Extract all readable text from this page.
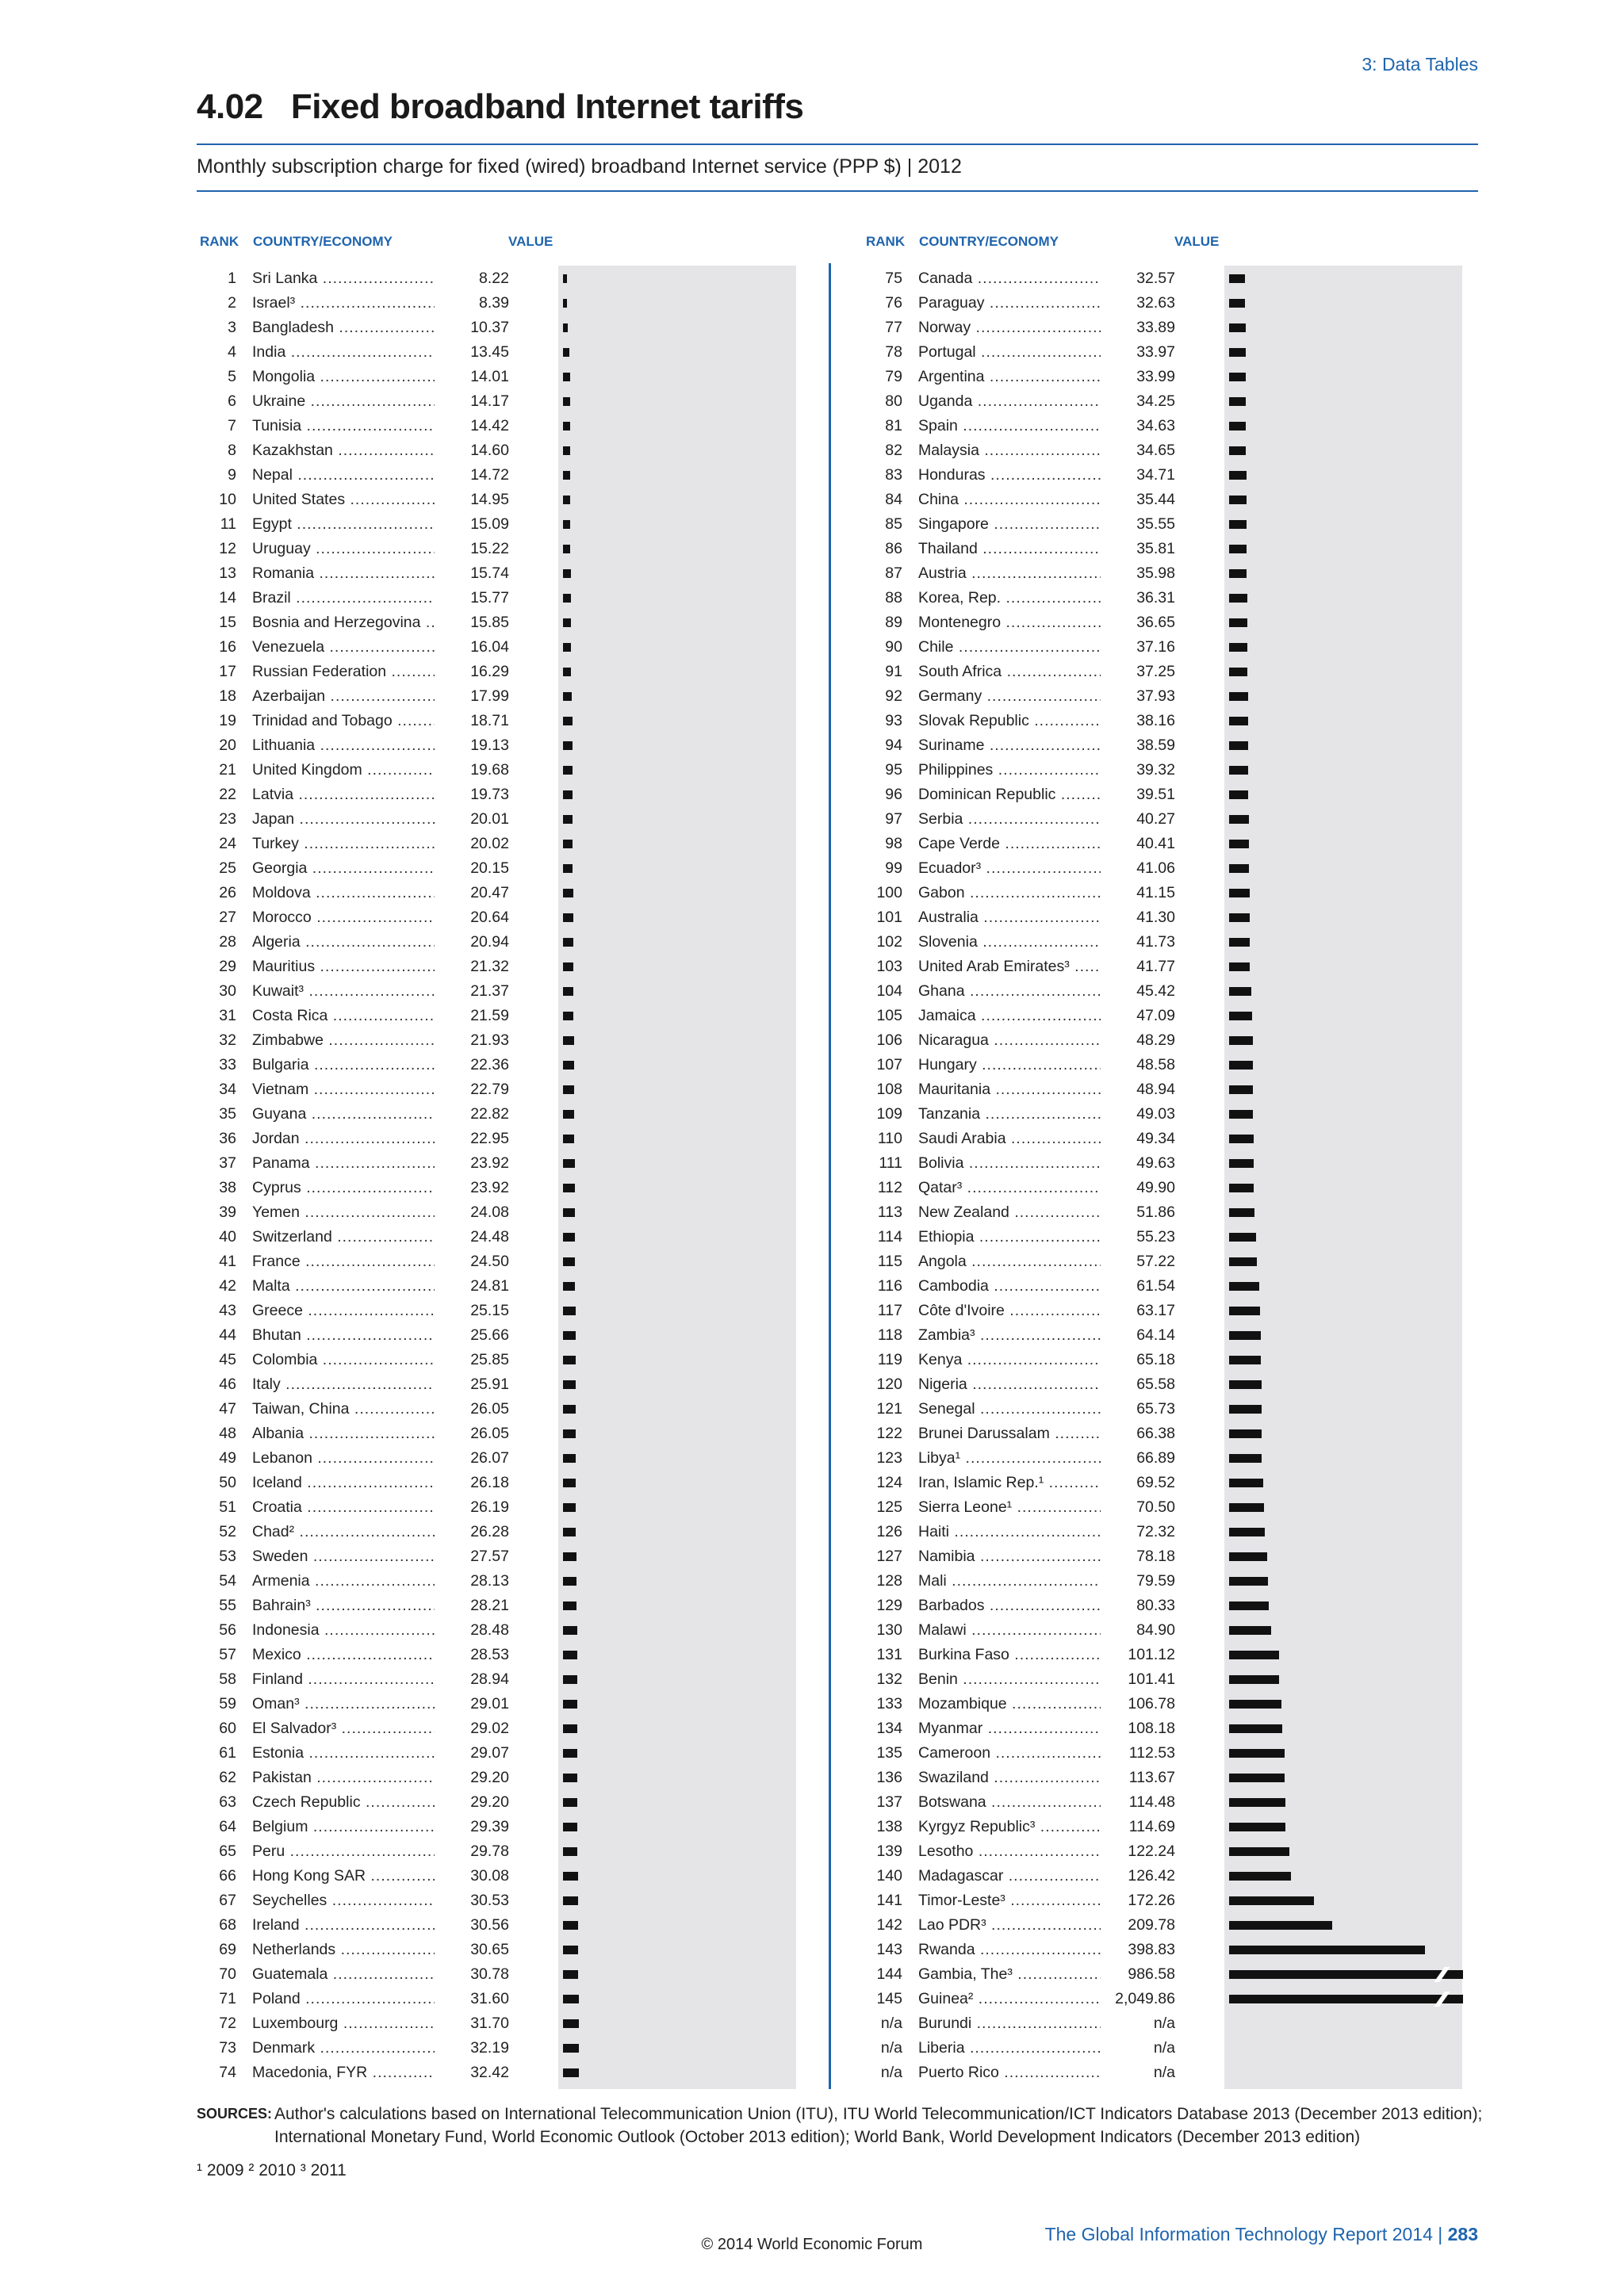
3: Data Tables
4.02 Fixed broadband Internet tariffs
Monthly subscription charge for fixed (wired) broadband Internet service (PPP $) | 2012
RANK COUNTRY/ECONOMY	VALUE
1 Sri Lanka .....	8.22
2 Israel³ .....	8.39
3 Bangladesh .....	10.37
4 India .....	13.45
5 Mongolia .....	14.01
6 Ukraine .....	14.17
7 Tunisia .....	14.42
8 Kazakhstan .....	14.60
9 Nepal .....	14.72
10 United States .....	14.95
11 Egypt .....	15.09
12 Uruguay .....	15.22
13 Romania .....	15.74
14 Brazil .....	15.77
15 Bosnia and Herzegovina .....	15.85
16 Venezuela .....	16.04
17 Russian Federation .....	16.29
18 Azerbaijan .....	17.99
19 Trinidad and Tobago .....	18.71
20 Lithuania .....	19.13
21 United Kingdom .....	19.68
22 Latvia .....	19.73
23 Japan .....	20.01
24 Turkey .....	20.02
25 Georgia .....	20.15
26 Moldova .....	20.47
27 Morocco .....	20.64
28 Algeria .....	20.94
29 Mauritius .....	21.32
30 Kuwait³ .....	21.37
31 Costa Rica .....	21.59
32 Zimbabwe .....	21.93
33 Bulgaria .....	22.36
34 Vietnam .....	22.79
35 Guyana .....	22.82
36 Jordan .....	22.95
37 Panama .....	23.92
38 Cyprus .....	23.92
39 Yemen .....	24.08
40 Switzerland .....	24.48
41 France .....	24.50
42 Malta .....	24.81
43 Greece .....	25.15
44 Bhutan .....	25.66
45 Colombia .....	25.85
46 Italy .....	25.91
47 Taiwan, China .....	26.05
48 Albania .....	26.05
49 Lebanon .....	26.07
50 Iceland .....	26.18
51 Croatia .....	26.19
52 Chad² .....	26.28
53 Sweden .....	27.57
54 Armenia .....	28.13
55 Bahrain³ .....	28.21
56 Indonesia .....	28.48
57 Mexico .....	28.53
58 Finland .....	28.94
59 Oman³ .....	29.01
60 El Salvador³ .....	29.02
61 Estonia .....	29.07
62 Pakistan .....	29.20
63 Czech Republic .....	29.20
64 Belgium .....	29.39
65 Peru .....	29.78
66 Hong Kong SAR .....	30.08
67 Seychelles .....	30.53
68 Ireland .....	30.56
69 Netherlands .....	30.65
70 Guatemala .....	30.78
71 Poland .....	31.60
72 Luxembourg .....	31.70
73 Denmark .....	32.19
74 Macedonia, FYR .....	32.42
RANK COUNTRY/ECONOMY	VALUE
75 Canada .....	32.57
76 Paraguay .....	32.63
77 Norway .....	33.89
78 Portugal .....	33.97
79 Argentina .....	33.99
80 Uganda .....	34.25
81 Spain .....	34.63
82 Malaysia .....	34.65
83 Honduras .....	34.71
84 China .....	35.44
85 Singapore .....	35.55
86 Thailand .....	35.81
87 Austria .....	35.98
88 Korea, Rep. .....	36.31
89 Montenegro .....	36.65
90 Chile .....	37.16
91 South Africa .....	37.25
92 Germany .....	37.93
93 Slovak Republic .....	38.16
94 Suriname .....	38.59
95 Philippines .....	39.32
96 Dominican Republic .....	39.51
97 Serbia .....	40.27
98 Cape Verde .....	40.41
99 Ecuador³ .....	41.06
100 Gabon .....	41.15
101 Australia .....	41.30
102 Slovenia .....	41.73
103 United Arab Emirates³ .....	41.77
104 Ghana .....	45.42
105 Jamaica .....	47.09
106 Nicaragua .....	48.29
107 Hungary .....	48.58
108 Mauritania .....	48.94
109 Tanzania .....	49.03
110 Saudi Arabia .....	49.34
111 Bolivia .....	49.63
112 Qatar³ .....	49.90
113 New Zealand .....	51.86
114 Ethiopia .....	55.23
115 Angola .....	57.22
116 Cambodia .....	61.54
117 Côte d'Ivoire .....	63.17
118 Zambia³ .....	64.14
119 Kenya .....	65.18
120 Nigeria .....	65.58
121 Senegal .....	65.73
122 Brunei Darussalam .....	66.38
123 Libya¹ .....	66.89
124 Iran, Islamic Rep.¹ .....	69.52
125 Sierra Leone¹ .....	70.50
126 Haiti .....	72.32
127 Namibia .....	78.18
128 Mali .....	79.59
129 Barbados .....	80.33
130 Malawi .....	84.90
131 Burkina Faso .....	101.12
132 Benin .....	101.41
133 Mozambique .....	106.78
134 Myanmar .....	108.18
135 Cameroon .....	112.53
136 Swaziland .....	113.67
137 Botswana .....	114.48
138 Kyrgyz Republic³ .....	114.69
139 Lesotho .....	122.24
140 Madagascar .....	126.42
141 Timor-Leste³ .....	172.26
142 Lao PDR³ .....	209.78
143 Rwanda .....	398.83
144 Gambia, The³ .....	986.58
145 Guinea² .....	2,049.86
n/a Burundi .....	n/a
n/a Liberia .....	n/a
n/a Puerto Rico .....	n/a
SOURCES: Author's calculations based on International Telecommunication Union (ITU), ITU World Telecommunication/ICT Indicators Database 2013 (December 2013 edition); International Monetary Fund, World Economic Outlook (October 2013 edition); World Bank, World Development Indicators (December 2013 edition)
¹ 2009 ² 2010 ³ 2011
The Global Information Technology Report 2014 | 283
© 2014 World Economic Forum
